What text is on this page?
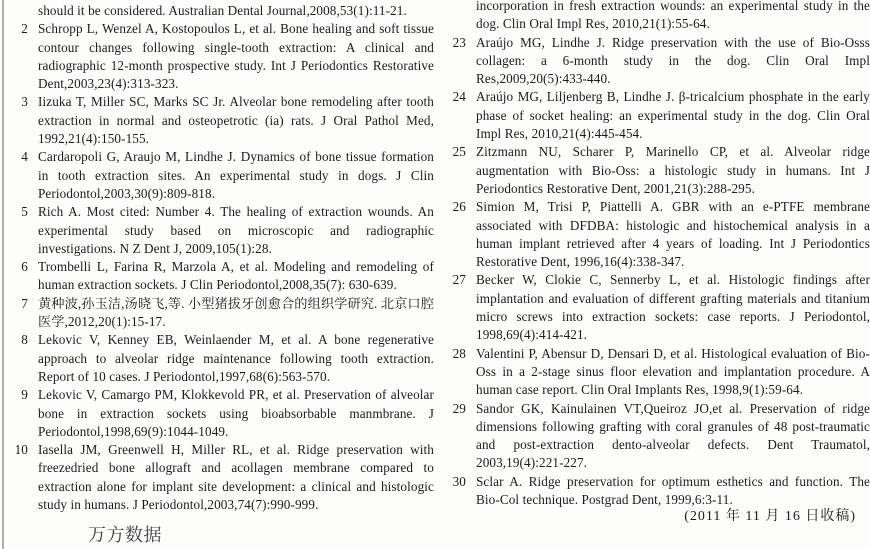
should it be considered. Australian Dental Journal,2008,53(1):11-21.
2 Schropp L, Wenzel A, Kostopoulos L, et al. Bone healing and soft tissue contour changes following single-tooth extraction: A clinical and radiographic 12-month prospective study. Int J Periodontics Restorative Dent,2003,23(4):313-323.
3 Iizuka T, Miller SC, Marks SC Jr. Alveolar bone remodeling after tooth extraction in normal and osteopetrotic (ia) rats. J Oral Pathol Med, 1992,21(4):150-155.
4 Cardaropoli G, Araujo M, Lindhe J. Dynamics of bone tissue formation in tooth extraction sites. An experimental study in dogs. J Clin Periodontol,2003,30(9):809-818.
5 Rich A. Most cited: Number 4. The healing of extraction wounds. An experimental study based on microscopic and radiographic investigations. N Z Dent J, 2009,105(1):28.
6 Trombelli L, Farina R, Marzola A, et al. Modeling and remodeling of human extraction sockets. J Clin Periodontol,2008,35(7): 630-639.
7 黄种波,孙玉洁,汤晓飞,等. 小型猪拔牙创愈合的组织学研究. 北京口腔医学,2012,20(1):15-17.
8 Lekovic V, Kenney EB, Weinlaender M, et al. A bone regenerative approach to alveolar ridge maintenance following tooth extraction. Report of 10 cases. J Periodontol,1997,68(6):563-570.
9 Lekovic V, Camargo PM, Klokkevold PR, et al. Preservation of alveolar bone in extraction sockets using bioabsorbable manmbrane. J Periodontol,1998,69(9):1044-1049.
10 Iasella JM, Greenwell H, Miller RL, et al. Ridge preservation with freezedried bone allograft and acollagen membrane compared to extraction alone for implant site development: a clinical and histologic study in humans. J Periodontol,2003,74(7):990-999.
incorporation in fresh extraction wounds: an experimental study in the dog. Clin Oral Impl Res, 2010,21(1):55-64.
23 Araújo MG, Lindhe J. Ridge preservation with the use of Bio-Osss collagen: a 6-month study in the dog. Clin Oral Impl Res,2009,20(5):433-440.
24 Araújo MG, Liljenberg B, Lindhe J. β-tricalcium phosphate in the early phase of socket healing: an experimental study in the dog. Clin Oral Impl Res, 2010,21(4):445-454.
25 Zitzmann NU, Scharer P, Marinello CP, et al. Alveolar ridge augmentation with Bio-Oss: a histologic study in humans. Int J Periodontics Restorative Dent, 2001,21(3):288-295.
26 Simion M, Trisi P, Piattelli A. GBR with an e-PTFE membrane associated with DFDBA: histologic and histochemical analysis in a human implant retrieved after 4 years of loading. Int J Periodontics Restorative Dent, 1996,16(4):338-347.
27 Becker W, Clokie C, Sennerby L, et al. Histologic findings after implantation and evaluation of different grafting materials and titanium micro screws into extraction sockets: case reports. J Periodontol, 1998,69(4):414-421.
28 Valentini P, Abensur D, Densari D, et al. Histological evaluation of Bio-Oss in a 2-stage sinus floor elevation and implantation procedure. A human case report. Clin Oral Implants Res, 1998,9(1):59-64.
29 Sandor GK, Kainulainen VT,Queiroz JO,et al. Preservation of ridge dimensions following grafting with coral granules of 48 post-traumatic and post-extraction dento-alveolar defects. Dent Traumatol, 2003,19(4):221-227.
30 Sclar A. Ridge preservation for optimum esthetics and function. The Bio-Col technique. Postgrad Dent, 1999,6:3-11.
(2011 年 11 月 16 日收稿)
万方数据
